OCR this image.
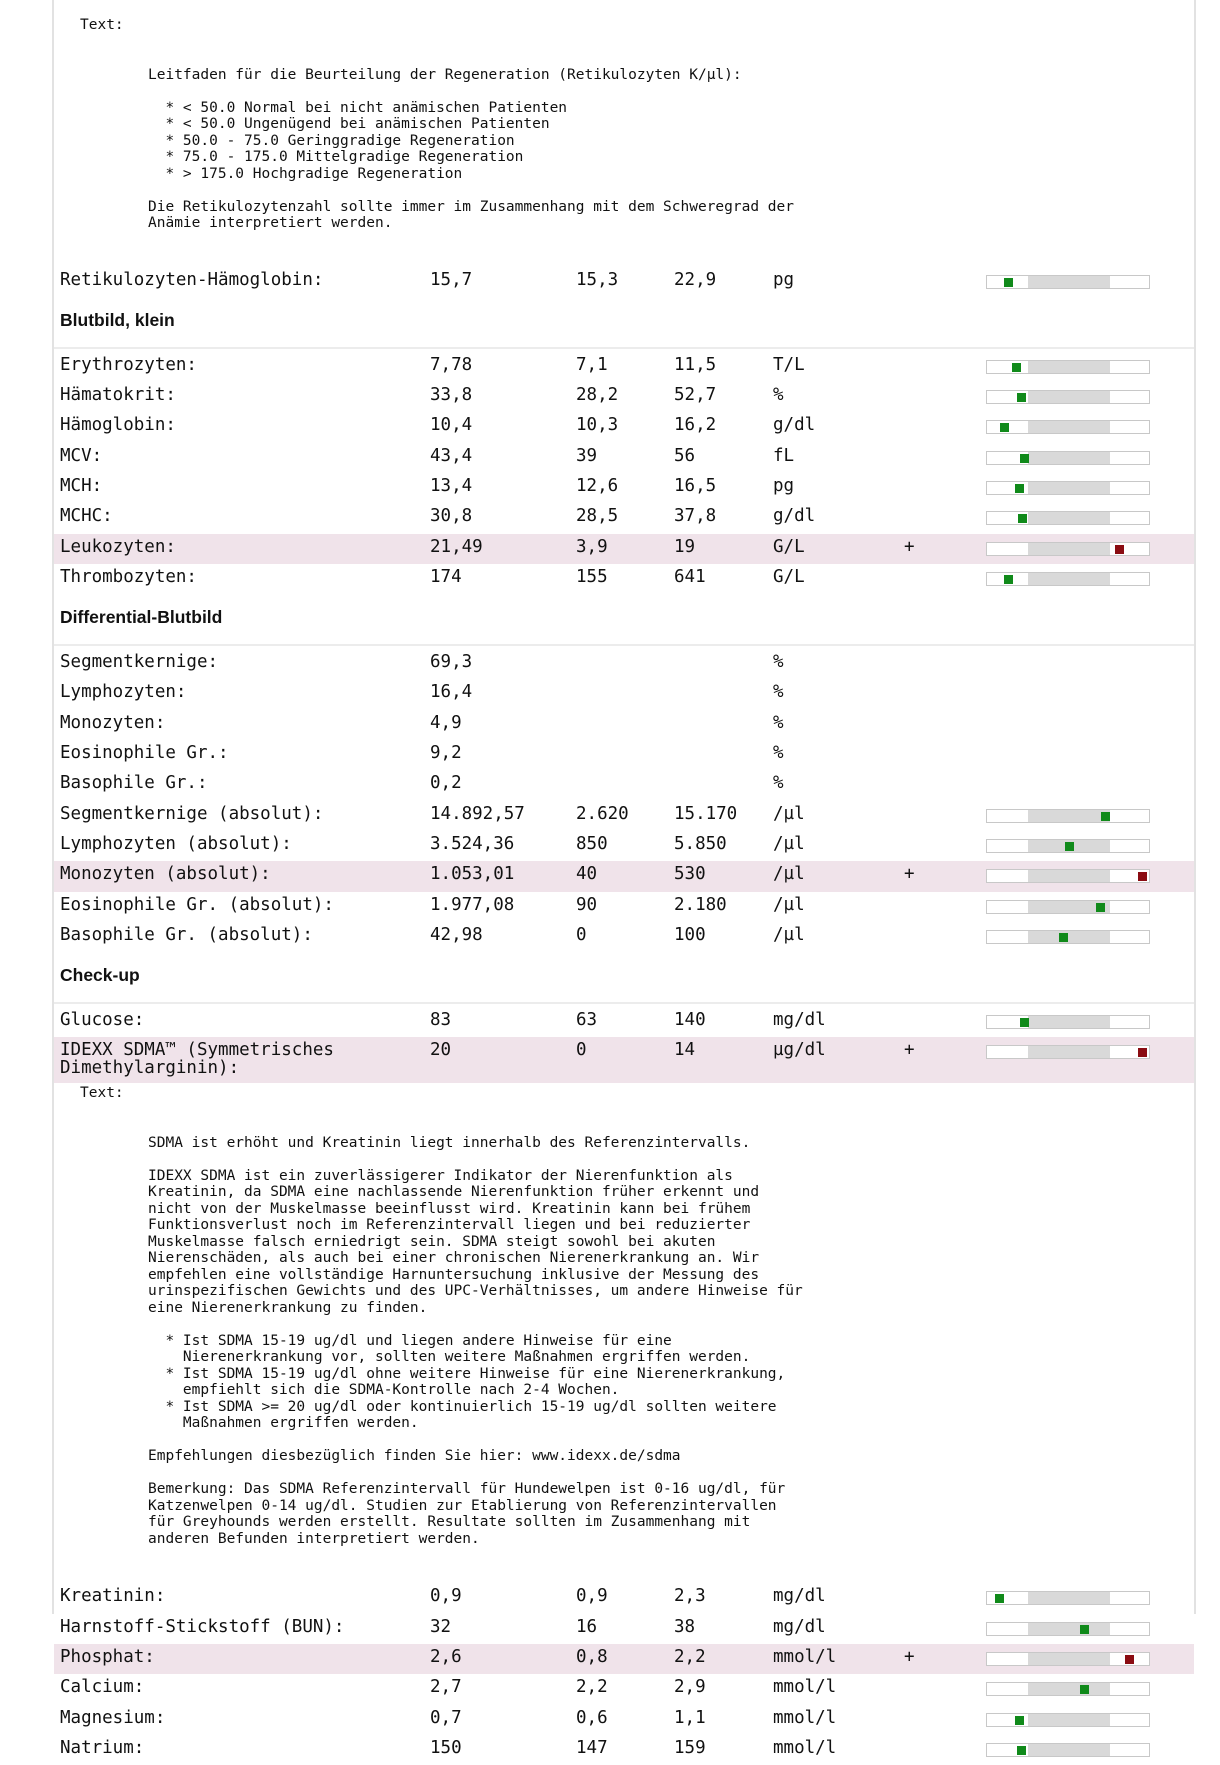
Text:

Leitfaden für die Beurteilung der Regeneration (Retikulozyten K/µl):
* < 50.0 Normal bei nicht anämischen Patienten
* < 50.0 Ungenügend bei anämischen Patienten
* 50.0 - 75.0 Geringgradige Regeneration
* 75.0 - 175.0 Mittelgradige Regeneration
* > 175.0 Hochgradige Regeneration
Die Retikulozytenzahl sollte immer im Zusammenhang mit dem Schweregrad der
Anämie interpretiert werden.

Retikulozyten-Hämoglobin:	15,7	15,3	22,9	pg
Blutbild, klein
Erythrozyten:	7,78	7,1	11,5	T/L
Hämatokrit:	33,8	28,2	52,7	%
Hämoglobin:	10,4	10,3	16,2	g/dl
MCV:	43,4	39	56	fL
MCH:	13,4	12,6	16,5	pg
MCHC:	30,8	28,5	37,8	g/dl
Leukozyten:	21,49	3,9	19	G/L	+
Thrombozyten:	174	155	641	G/L
Differential-Blutbild
Segmentkernige:	69,3	%
Lymphozyten:	16,4	%
Monozyten:	4,9	%
Eosinophile Gr.:	9,2	%
Basophile Gr.:	0,2	%
Segmentkernige (absolut):	14.892,57	2.620	15.170 /µl
Lymphozyten (absolut):	3.524,36	850	5.850	/µl
Monozyten (absolut):	1.053,01	40	530	/µl	+
Eosinophile Gr. (absolut):	1.977,08	90	2.180	/µl
Basophile Gr. (absolut):	42,98	0	100	/µl
Check-up
Glucose:	83	63	140	mg/dl
IDEXX SDMA™ (Symmetrisches
Dimethylarginin):
20	0	14	µg/dl	+

Text:

SDMA ist erhöht und Kreatinin liegt innerhalb des Referenzintervalls.
IDEXX SDMA ist ein zuverlässigerer Indikator der Nierenfunktion als
Kreatinin, da SDMA eine nachlassende Nierenfunktion früher erkennt und
nicht von der Muskelmasse beeinflusst wird. Kreatinin kann bei frühem
Funktionsverlust noch im Referenzintervall liegen und bei reduzierter
Muskelmasse falsch erniedrigt sein. SDMA steigt sowohl bei akuten
Nierenschäden, als auch bei einer chronischen Nierenerkrankung an. Wir
empfehlen eine vollständige Harnuntersuchung inklusive der Messung des
urinspezifischen Gewichts und des UPC-Verhältnisses, um andere Hinweise für
eine Nierenerkrankung zu finden.
* Ist SDMA 15-19 ug/dl und liegen andere Hinweise für eine
Nierenerkrankung vor, sollten weitere Maßnahmen ergriffen werden.
* Ist SDMA 15-19 ug/dl ohne weitere Hinweise für eine Nierenerkrankung,
empfiehlt sich die SDMA-Kontrolle nach 2-4 Wochen.
* Ist SDMA >= 20 ug/dl oder kontinuierlich 15-19 ug/dl sollten weitere
Maßnahmen ergriffen werden.
Empfehlungen diesbezüglich finden Sie hier: www.idexx.de/sdma
Bemerkung: Das SDMA Referenzintervall für Hundewelpen ist 0-16 ug/dl, für
Katzenwelpen 0-14 ug/dl. Studien zur Etablierung von Referenzintervallen
für Greyhounds werden erstellt. Resultate sollten im Zusammenhang mit
anderen Befunden interpretiert werden.

Kreatinin:	0,9	0,9	2,3	mg/dl
Harnstoff-Stickstoff (BUN):	32	16	38	mg/dl
Phosphat:	2,6	0,8	2,2	mmol/l	+
Calcium:	2,7	2,2	2,9	mmol/l
Magnesium:	0,7	0,6	1,1	mmol/l
Natrium:	150	147	159	mmol/l
